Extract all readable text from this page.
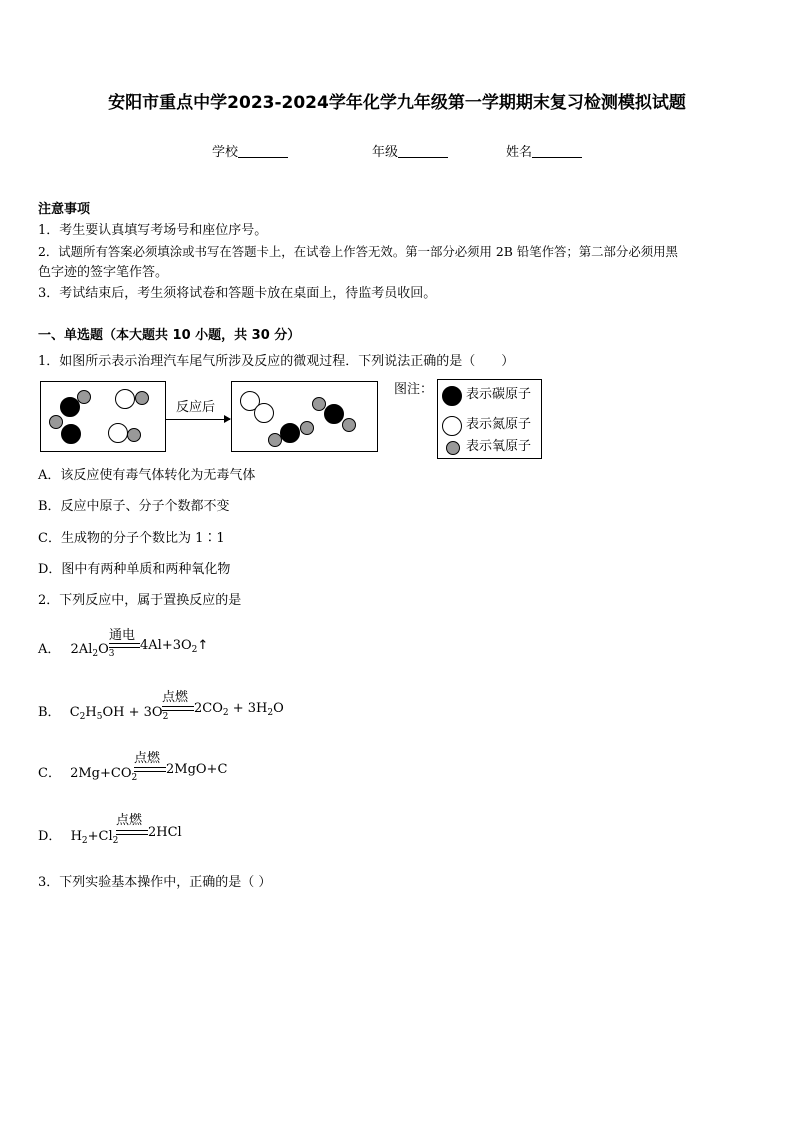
安阳市重点中学2023-2024学年化学九年级第一学期期末复习检测模拟试题
学校	年级	姓名
注意事项
1．考生要认真填写考场号和座位序号。
2．试题所有答案必须填涂或书写在答题卡上，在试卷上作答无效。第一部分必须用 2B 铅笔作答；第二部分必须用黑
色字迹的签字笔作答。
3．考试结束后，考生须将试卷和答题卡放在桌面上，待监考员收回。
一、单选题（本大题共 10 小题，共 30 分）
1．如图所示表示治理汽车尾气所涉及反应的微观过程．下列说法正确的是（　　）
反应后
图注：	表示碳原子
表示氮原子
表示氧原子
A．该反应使有毒气体转化为无毒气体
B．反应中原子、分子个数都不变
C．生成物的分子个数比为 1∶1
D．图中有两种单质和两种氧化物
2．下列反应中，属于置换反应的是
A． $2Al_2O_3$
通电
$4Al+3O_2↑$
B． $C_2H_5OH + 3O_2$
点燃
$2CO_2 + 3H_2O$
C． $2Mg+CO_2$
点燃
2MgO+C
D． $H_2+Cl_2$
点燃
2HCl
3．下列实验基本操作中，正确的是（ ）
